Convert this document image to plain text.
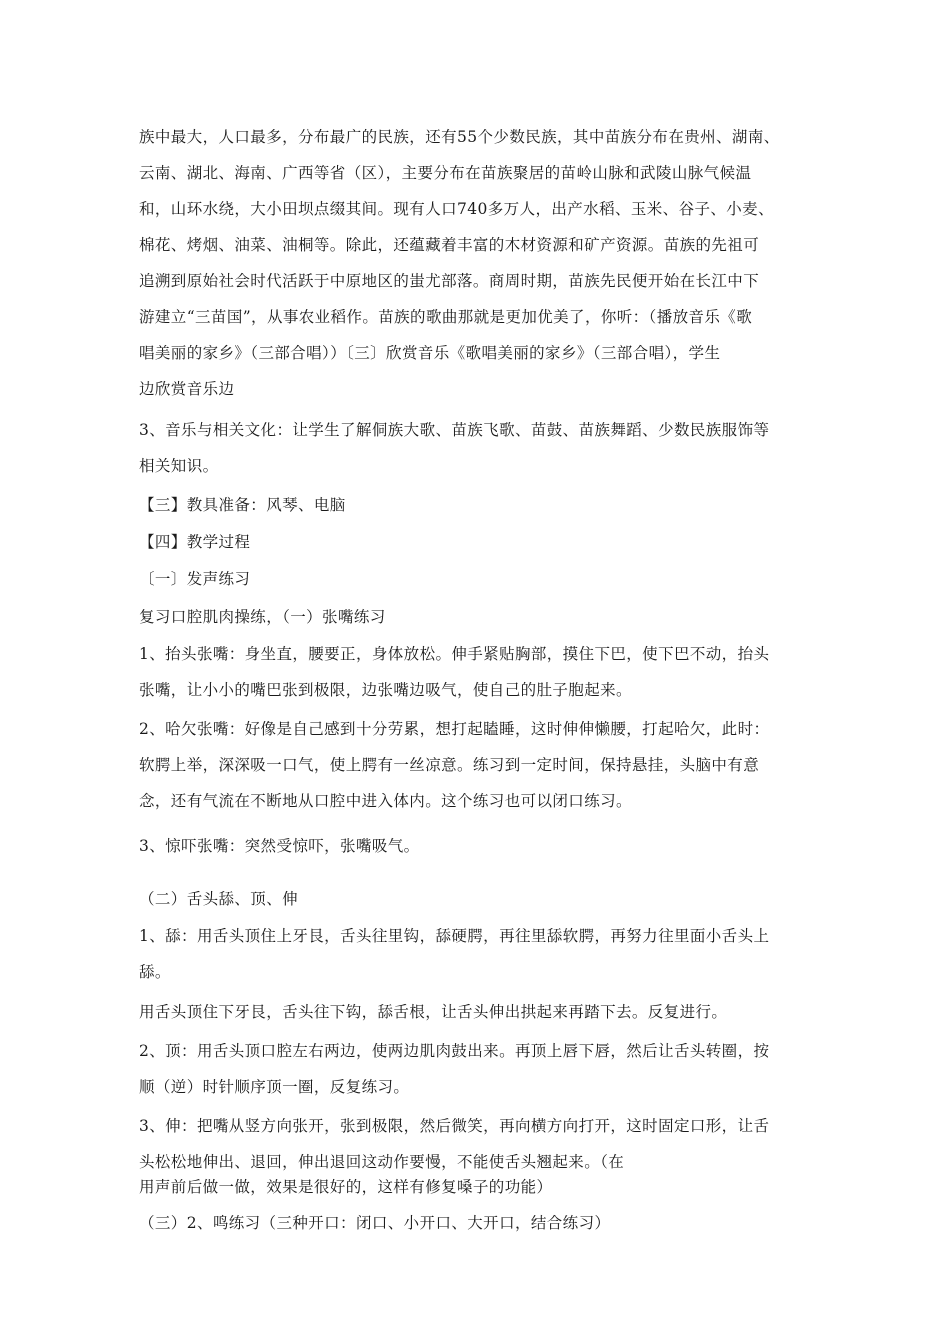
族中最大，人口最多，分布最广的民族，还有55个少数民族，其中苗族分布在贵州、湖南、
云南、湖北、海南、广西等省（区），主要分布在苗族聚居的苗岭山脉和武陵山脉气候温
和，山环水绕，大小田坝点缀其间。现有人口740多万人，出产水稻、玉米、谷子、小麦、
棉花、烤烟、油菜、油桐等。除此，还蕴藏着丰富的木材资源和矿产资源。苗族的先祖可
追溯到原始社会时代活跃于中原地区的蚩尤部落。商周时期，苗族先民便开始在长江中下
游建立“三苗国”，从事农业稻作。苗族的歌曲那就是更加优美了，你听：（播放音乐《歌
唱美丽的家乡》（三部合唱））〔三〕欣赏音乐《歌唱美丽的家乡》（三部合唱），学生
边欣赏音乐边
3、音乐与相关文化：让学生了解侗族大歌、苗族飞歌、苗鼓、苗族舞蹈、少数民族服饰等
相关知识。
【三】教具准备：风琴、电脑
【四】教学过程
〔一〕发声练习
复习口腔肌肉操练，（一）张嘴练习
1、抬头张嘴：身坐直，腰要正，身体放松。伸手紧贴胸部，摸住下巴，使下巴不动，抬头
张嘴，让小小的嘴巴张到极限，边张嘴边吸气，使自己的肚子胞起来。
2、哈欠张嘴：好像是自己感到十分劳累，想打起瞌睡，这时伸伸懒腰，打起哈欠，此时：
软腭上举，深深吸一口气，使上腭有一丝凉意。练习到一定时间，保持悬挂，头脑中有意
念，还有气流在不断地从口腔中进入体内。这个练习也可以闭口练习。
3、惊吓张嘴：突然受惊吓，张嘴吸气。
（二）舌头舔、顶、伸
1、舔：用舌头顶住上牙艮，舌头往里钩，舔硬腭，再往里舔软腭，再努力往里面小舌头上
舔。
用舌头顶住下牙艮，舌头往下钩，舔舌根，让舌头伸出拱起来再踏下去。反复进行。
2、顶：用舌头顶口腔左右两边，使两边肌肉鼓出来。再顶上唇下唇，然后让舌头转圈，按
顺（逆）时针顺序顶一圈，反复练习。
3、伸：把嘴从竖方向张开，张到极限，然后微笑，再向横方向打开，这时固定口形，让舌
头松松地伸出、退回，伸出退回这动作要慢，不能使舌头翘起来。（在
用声前后做一做，效果是很好的，这样有修复嗓子的功能）
（三）2、鸣练习（三种开口：闭口、小开口、大开口，结合练习）
